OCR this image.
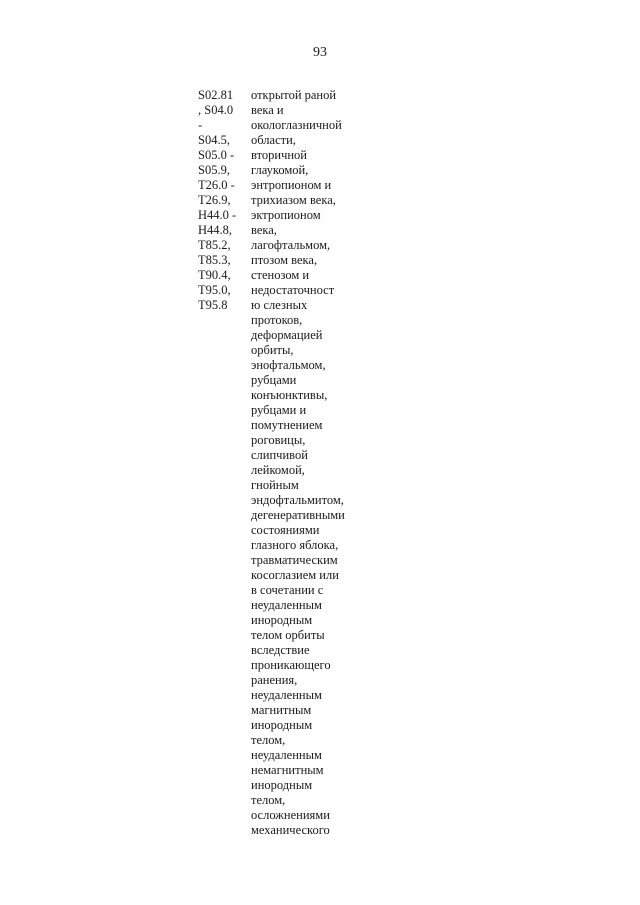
93
S02.81
, S04.0
-
S04.5,
S05.0 -
S05.9,
T26.0 -
T26.9,
H44.0 -
H44.8,
T85.2,
T85.3,
T90.4,
T95.0,
T95.8
открытой раной
века и
окологлазничной
области,
вторичной
глаукомой,
энтропионом и
трихиазом века,
эктропионом
века,
лагофтальмом,
птозом века,
стенозом и
недостаточност
ю слезных
протоков,
деформацией
орбиты,
энофтальмом,
рубцами
конъюнктивы,
рубцами и
помутнением
роговицы,
слипчивой
лейкомой,
гнойным
эндофтальмитом,
дегенеративными
состояниями
глазного яблока,
травматическим
косоглазием или
в сочетании с
неудаленным
инородным
телом орбиты
вследствие
проникающего
ранения,
неудаленным
магнитным
инородным
телом,
неудаленным
немагнитным
инородным
телом,
осложнениями
механического
